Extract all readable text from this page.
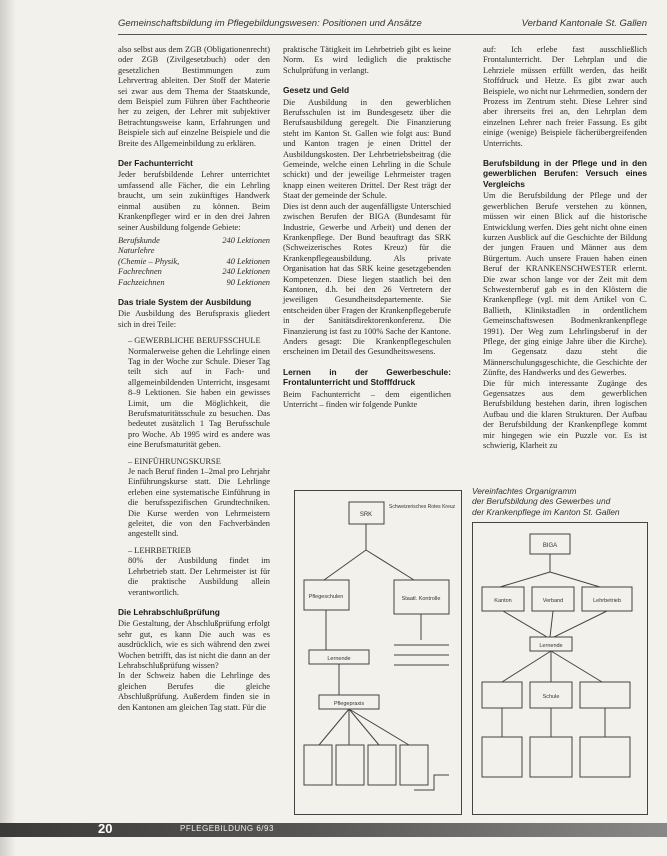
Gemeinschaftsbildung im Pflegebildungswesen: Positionen und Ansätze	Verband Kantonale St. Gallen

also selbst aus dem ZGB (Obligationenrecht) oder ZGB (Zivilgesetzbuch) oder den gesetzlichen Bestimmungen zum Lehrvertrag ableiten. Der Stoff der Materie sei zwar aus dem Thema der Staatskunde, dem Beispiel zum Führen über Fachtheorie her zu zeigen, der Lehrer mit subjektiver Betrachtungsweise kann, Erfahrungen und Beispiele sich auf einzelne Beispiele und die Breite des Allgemeinbildung zu erklären.

Der Fachunterricht

Jeder berufsbildende Lehrer unterrichtet umfassend alle Fächer, die ein Lehrling braucht, um sein zukünftiges Handwerk einmal ausüben zu können. Beim Krankenpfleger wird er in den drei Jahren seiner Ausbildung folgende Gebiete:

Berufskunde	240 Lektionen
Naturlehre	
(Chemie – Physik,	40 Lektionen
Fachrechnen	240 Lektionen
Fachzeichnen	90 Lektionen
Das triale System der Ausbildung

Die Ausbildung des Berufspraxis gliedert sich in drei Teile:

– GEWERBLICHE BERUFSSCHULE

Normalerweise gehen die Lehrlinge einen Tag in der Woche zur Schule. Dieser Tag teilt sich auf in Fach- und allgemeinbildenden Unterricht, insgesamt 8–9 Lektionen. Sie haben ein gewisses Limit, um die Möglichkeit, die Berufsmaturitätsschule zu besuchen. Das bedeutet zusätzlich 1 Tag Berufsschule pro Woche. Ab 1995 wird es andere was eine Berufsmaturität geben.

– EINFÜHRUNGSKURSE

Je nach Beruf finden 1–2mal pro Lehrjahr Einführungskurse statt. Die Lehrlinge erleben eine systematische Einführung in die berufsspezifischen Grundtechniken. Die Kurse werden von Lehrmeistern geleitet, die von den Fachverbänden angestellt sind.

– LEHRBETRIEB

80% der Ausbildung findet im Lehrbetrieb statt. Der Lehrmeister ist für die praktische Ausbildung allein verantwortlich.

Die Lehrabschlußprüfung

Die Gestaltung, der Abschlußprüfung erfolgt sehr gut, es kann Die auch was es ausdrücklich, wie es sich während den zwei Wochen betrifft, das ist nicht die dann an der Lehrabschlußprüfung wissen?

In der Schweiz haben die Lehrlinge des gleichen Berufes die gleiche Abschlußprüfung. Außerdem finden sie in den Kantonen am gleichen Tag statt. Für die

praktische Tätigkeit im Lehrbetrieb gibt es keine Norm. Es wird lediglich die praktische Schulprüfung in verlangt.

Gesetz und Geld

Die Ausbildung in den gewerblichen Berufsschulen ist im Bundesgesetz über die Berufsausbildung geregelt. Die Finanzierung steht im Kanton St. Gallen wie folgt aus: Bund und Kanton tragen je einen Drittel der Ausbildungskosten. Der Lehrbetriebsbeitrag (die Gemeinde, welche einen Lehrling in die Schule schickt) und der jeweilige Lehrmeister tragen knapp einen weiteren Drittel. Der Rest trägt der Staat der gemeinde der Schule.

Dies ist denn auch der augenfälligste Unterschied zwischen Berufen der BIGA (Bundesamt für Industrie, Gewerbe und Arbeit) und denen der Krankenpflege. Der Bund beauftragt das SRK (Schweizerisches Rotes Kreuz) für die Krankenpflegeausbildung. Als private Organisation hat das SRK keine gesetzgebenden Kompetenzen. Diese liegen staatlich bei den Kantonen, d.h. bei den 26 Vertretern der jeweiligen Gesundheitsdepartemente. Sie entscheiden über Fragen der Krankenpflegeberufe in der Sanitätsdirektorenkonferenz. Die Finanzierung ist fast zu 100% Sache der Kantone. Anders gesagt: Die Krankenpflegeschulen erscheinen im Detail des Gesundheitswesens.

Lernen in der Gewerbeschule: Frontalunterricht und Stofffdruck

Beim Fachunterricht – dem eigentlichen Unterricht – finden wir folgende Punkte

auf: Ich erlebe fast ausschließlich Frontalunterricht. Der Lehrplan und die Lehrziele müssen erfüllt werden, das heißt Stoffdruck und Hetze. Es gibt zwar auch Beispiele, wo nicht nur Lehrmedien, sondern der Prozess im Zentrum steht. Diese Lehrer sind aber ihrerseits frei an, den Lehrplan dem einzelnen Lehrer nach freier Fassung. Es gibt einige (wenige) Beispiele fächerübergreifenden Unterrichts.

Berufsbildung in der Pflege und in den gewerblichen Berufen: Versuch eines Vergleichs

Um die Berufsbildung der Pflege und der gewerblichen Berufe verstehen zu können, müssen wir einen Blick auf die historische Entwicklung werfen. Dies geht nicht ohne einen kurzen Ausblick auf die Geschichte der Bildung der jungen Frauen und Männer aus dem Bürgertum. Auch unsere Frauen haben einen Beruf der KRANKENSCHWESTER erlernt. Die zwar schon lange vor der Zeit mit dem Schwesternberuf gab es in den Klöstern die Krankenpflege (vgl. mit dem Artikel von C. Ballieth, Klinikstadlen in ordentlichem Gemeinschaftswesen Bodmenkrankenpflege 1991). Der Weg zum Lehrlingsberuf in der Pflege, der ging einige Jahre über die Kirche). Im Gegensatz dazu steht die Männerschulungsgeschichte, die Geschichte der Zünfte, des Handwerks und des Gewerbes.

Die für mich interessante Zugänge des Gegensatzes aus dem gewerblichen Berufsbildung bestehen darin, ihren logischen Aufbau und die klaren Strukturen. Der Aufbau der Berufsbildung der Krankenpflege kommt mir hingegen wie ein Puzzle vor. Es ist schwierig, Klarheit zu

Vereinfachtes Organigramm
der Berufsbildung des Gewerbes und
der Krankenpflege im Kanton St. Gallen
SRK
Schweizerisches Rotes Kreuz
Pflegeschulen	Staatl. Kontrolle
Lernende
Pflegepraxis
BIGA
Kanton	Verband	Lehrbetrieb
Lernende
Schule
20	PFLEGEBILDUNG 6/93
